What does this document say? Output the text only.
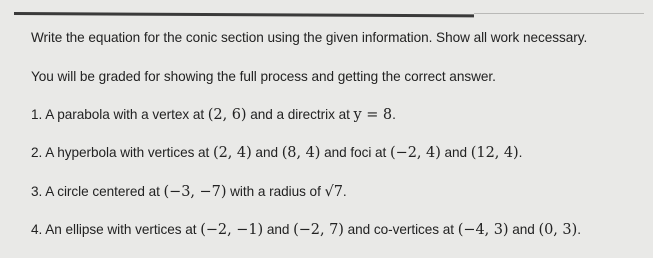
Write the equation for the conic section using the given information. Show all work necessary.
You will be graded for showing the full process and getting the correct answer.
1. A parabola with a vertex at (2, 6) and a directrix at y = 8.
2. A hyperbola with vertices at (2, 4) and (8, 4) and foci at (−2, 4) and (12, 4).
3. A circle centered at (−3, −7) with a radius of √7.
4. An ellipse with vertices at (−2, −1) and (−2, 7) and co-vertices at (−4, 3) and (0, 3).
